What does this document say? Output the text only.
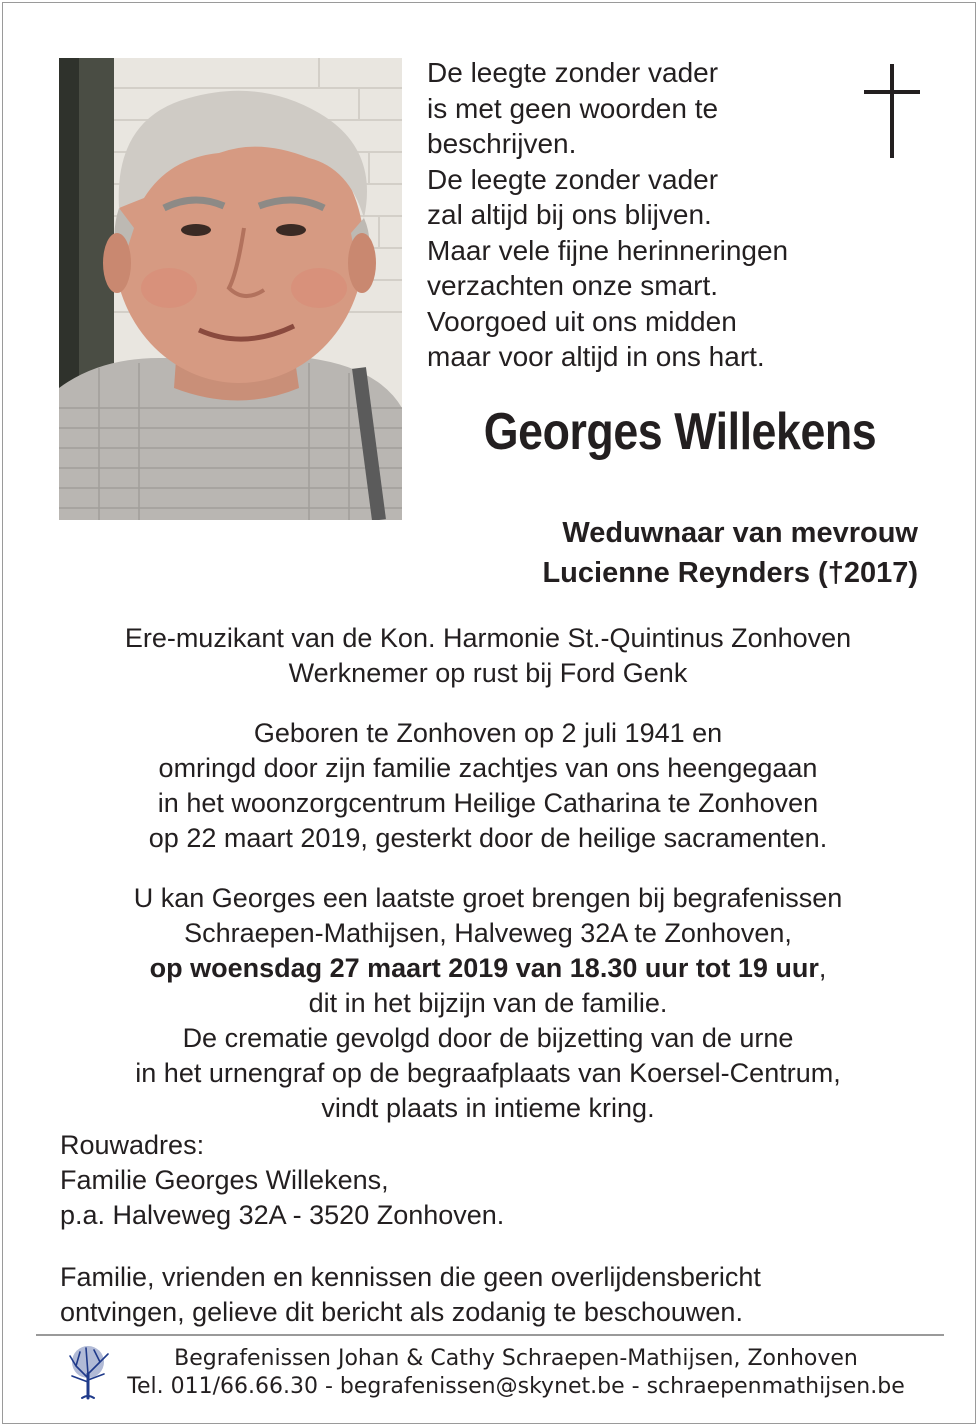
De leegte zonder vader
is met geen woorden te
beschrijven.
De leegte zonder vader
zal altijd bij ons blijven.
Maar vele fijne herinneringen
verzachten onze smart.
Voorgoed uit ons midden
maar voor altijd in ons hart.
Georges Willekens
Weduwnaar van mevrouw
Lucienne Reynders (†2017)
Ere-muzikant van de Kon. Harmonie St.-Quintinus Zonhoven
Werknemer op rust bij Ford Genk
Geboren te Zonhoven op 2 juli 1941 en
omringd door zijn familie zachtjes van ons heengegaan
in het woonzorgcentrum Heilige Catharina te Zonhoven
op 22 maart 2019, gesterkt door de heilige sacramenten.
U kan Georges een laatste groet brengen bij begrafenissen
Schraepen-Mathijsen, Halveweg 32A te Zonhoven,
op woensdag 27 maart 2019 van 18.30 uur tot 19 uur,
dit in het bijzijn van de familie.
De crematie gevolgd door de bijzetting van de urne
in het urnengraf op de begraafplaats van Koersel-Centrum,
vindt plaats in intieme kring.
Rouwadres:
Familie Georges Willekens,
p.a. Halveweg 32A - 3520 Zonhoven.
Familie, vrienden en kennissen die geen overlijdensbericht
ontvingen, gelieve dit bericht als zodanig te beschouwen.
Begrafenissen Johan & Cathy Schraepen-Mathijsen, Zonhoven
Tel. 011/66.66.30 - begrafenissen@skynet.be - schraepenmathijsen.be
